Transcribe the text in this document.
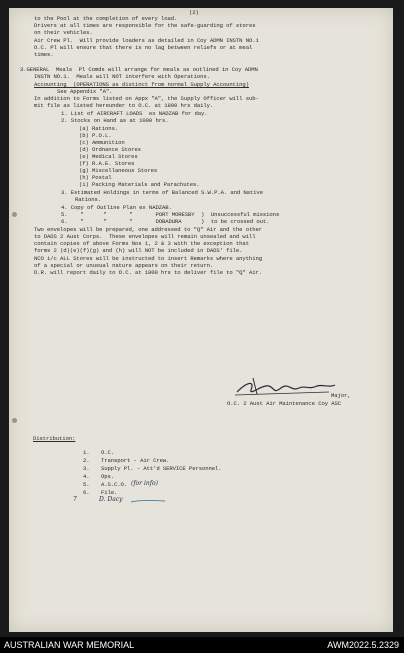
(2)

to the Pool at the completion of every load.

Drivers at all times are responsible for the safe-guarding of stores

on their vehicles.

Air Crew Pl.  Will provide loaders as detailed in Coy ADMN INSTN NO.1

O.C. Pl will ensure that there is no lag between reliefs or at meal

times.

3.GENERAL  Meals  Pl Comds will arrange for meals as outlined in Coy ADMN

INSTN NO.1.  Meals will NOT interfere with Operations.

Accounting  (OPERATIONS as distinct from normal Supply Accounting)

See Appendix "A".

In addition to Forms listed on Appx "A", the Supply Officer will sub-

mit file as listed hereunder to O.C. at 1800 hrs daily.

1. List of AIRCRAFT LOADS  ex NADZAB for day.

2. Stocks on Hand as at 1000 hrs.

(a) Rations.

(b) P.O.L.

(c) Ammunition

(d) Ordnance Stores

(e) Medical Stores

(f) R.A.E. Stores

(g) Miscellaneous Stores

(h) Postal

(i) Packing Materials and Parachutes.

3. Estimated Holdings in terms of Balanced S.W.P.A. and Native

Rations.

4. Copy of Outline Plan ex NADZAB.

5.    "      "       "       PORT MORESBY  )  Unsuccessful missions

6.    "      "       "       DOBADURA      )  to be crossed out.

Two envelopes will be prepared, one addressed to "Q" Air and the other

to DADS 2 Aust Corps.  These envelopes will remain unsealed and will

contain copies of above Forms Nos 1, 2 & 3 with the exception that

forms 2 (d)(e)(f)(g) and (h) will NOT be included in DADS' file.

NCO i/c ALL Stores will be instructed to insert Remarks where anything

of a special or unusual nature appears on their return.

D.R. will report daily to O.C. at 1800 hrs to deliver file to "Q" Air.

Major,

O.C. 2 Aust Air Maintenance Coy ASC

Distribution:

1.

O.C.

2.

Transport - Air Crew.

3.

Supply Pl. - Att'd SERVICE Personnel.

4.

Ops.

5.

A.S.C.O.

6.

File.

7
(for info)
D. Dacy
AUSTRALIAN WAR MEMORIAL	AWM2022.5.2329
